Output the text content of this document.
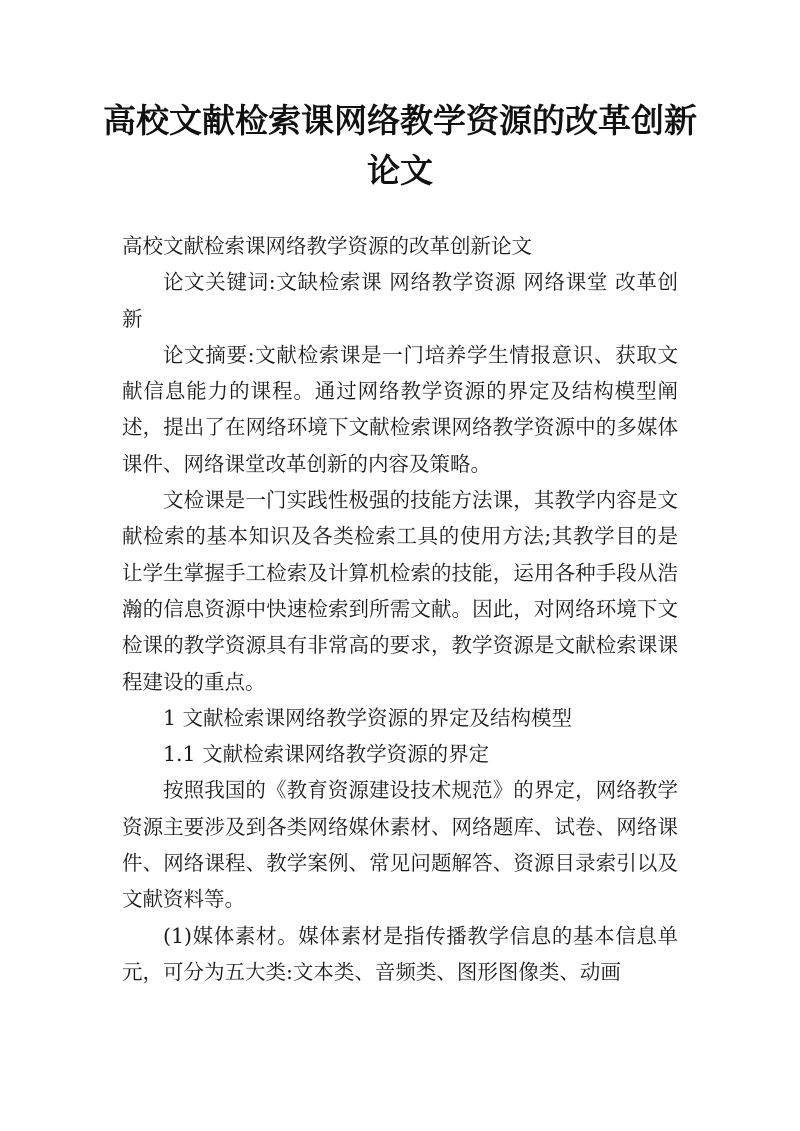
高校文献检索课网络教学资源的改革创新论文

高校文献检索课网络教学资源的改革创新论文

论文关键词:文缺检索课 网络教学资源 网络课堂 改革创新

论文摘要:文献检索课是一门培养学生情报意识、获取文献信息能力的课程。通过网络教学资源的界定及结构模型阐述，提出了在网络环境下文献检索课网络教学资源中的多媒体课件、网络课堂改革创新的内容及策略。

文检课是一门实践性极强的技能方法课，其教学内容是文献检索的基本知识及各类检索工具的使用方法;其教学目的是让学生掌握手工检索及计算机检索的技能，运用各种手段从浩瀚的信息资源中快速检索到所需文献。因此，对网络环境下文检课的教学资源具有非常高的要求，教学资源是文献检索课课程建设的重点。

1 文献检索课网络教学资源的界定及结构模型

1.1 文献检索课网络教学资源的界定

按照我国的《教育资源建设技术规范》的界定，网络教学资源主要涉及到各类网络媒休素材、网络题库、试卷、网络课件、网络课程、教学案例、常见问题解答、资源目录索引以及文献资料等。

(1)媒体素材。媒体素材是指传播教学信息的基本信息单元，可分为五大类:文本类、音频类、图形图像类、动画
